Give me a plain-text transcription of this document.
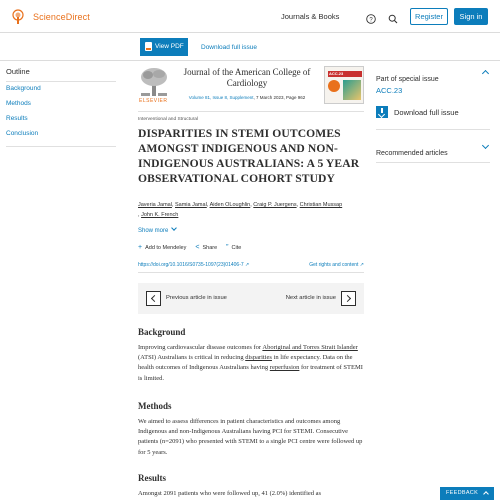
ScienceDirect	Journals & Books	?	Register	Sign in
View PDF	Download full issue
Outline
Background
Methods
Results
Conclusion
ELSEVIER
Journal of the American College of Cardiology
Volume 81, Issue 8, Supplement, 7 March 2023, Page 962
ACC.23
Interventional and Structural
DISPARITIES IN STEMI OUTCOMES AMONGST INDIGENOUS AND NON-INDIGENOUS AUSTRALIANS: A 5 YEAR OBSERVATIONAL COHORT STUDY
Javeria Jamal, Samia Jamal, Aiden OLoughlin, Craig P. Juergens, Christian Mussap
, John K. French
Show more
+ Add to Mendeley < Share ” Cite
https://doi.org/10.1016/S0735-1097(23)01406-7 ↗	Get rights and content ↗
Previous article in issue	Next article in issue
Background

Improving cardiovascular disease outcomes for Aboriginal and Torres Strait Islander (ATSI) Australians is critical in reducing disparities in life expectancy. Data on the health outcomes of Indigenous Australians having reperfusion for treatment of STEMI is limited.

Methods

We aimed to assess differences in patient characteristics and outcomes among Indigenous and non-Indigenous Australians having PCI for STEMI. Consecutive patients (n=2091) who presented with STEMI to a single PCI centre were followed up for 5 years.

Results

Amongst 2091 patients who were followed up, 41 (2.0%) identified as

Part of special issue
ACC.23
Download full issue
Recommended articles
FEEDBACK
